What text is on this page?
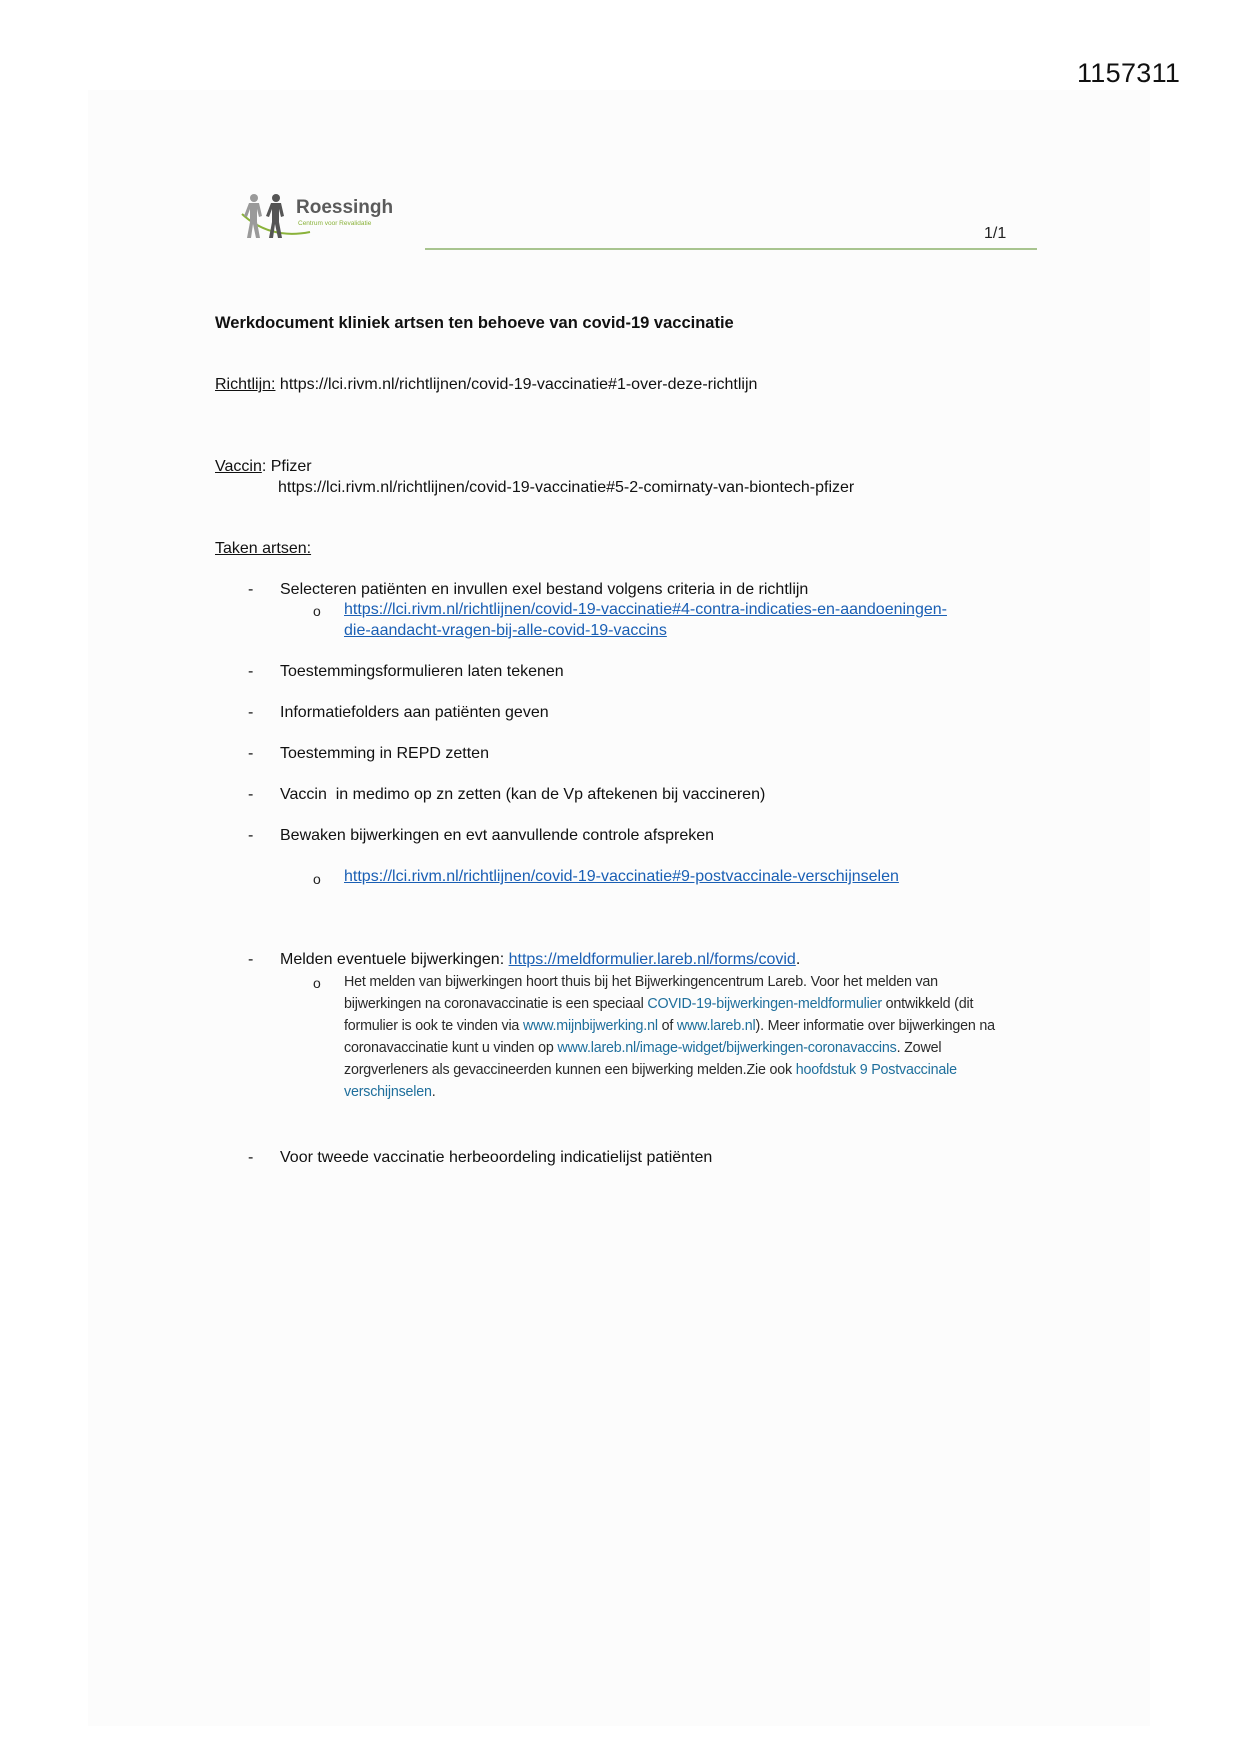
1157311
Roessingh
Centrum voor Revalidatie
1/1
Werkdocument kliniek artsen ten behoeve van covid-19 vaccinatie
Richtlijn: https://lci.rivm.nl/richtlijnen/covid-19-vaccinatie#1-over-deze-richtlijn
Vaccin: Pfizer
https://lci.rivm.nl/richtlijnen/covid-19-vaccinatie#5-2-comirnaty-van-biontech-pfizer
Taken artsen:
- Selecteren patiënten en invullen exel bestand volgens criteria in de richtlijn
o https://lci.rivm.nl/richtlijnen/covid-19-vaccinatie#4-contra-indicaties-en-aandoeningen-
die-aandacht-vragen-bij-alle-covid-19-vaccins
- Toestemmingsformulieren laten tekenen
- Informatiefolders aan patiënten geven
- Toestemming in REPD zetten
- Vaccin  in medimo op zn zetten (kan de Vp aftekenen bij vaccineren)
- Bewaken bijwerkingen en evt aanvullende controle afspreken
o https://lci.rivm.nl/richtlijnen/covid-19-vaccinatie#9-postvaccinale-verschijnselen
- Melden eventuele bijwerkingen: https://meldformulier.lareb.nl/forms/covid.
o Het melden van bijwerkingen hoort thuis bij het Bijwerkingencentrum Lareb. Voor het melden van bijwerkingen na coronavaccinatie is een speciaal COVID-19-bijwerkingen-meldformulier ontwikkeld (dit formulier is ook te vinden via www.mijnbijwerking.nl of www.lareb.nl). Meer informatie over bijwerkingen na coronavaccinatie kunt u vinden op www.lareb.nl/image-widget/bijwerkingen-coronavaccins. Zowel zorgverleners als gevaccineerden kunnen een bijwerking melden.Zie ook hoofdstuk 9 Postvaccinale verschijnselen.
- Voor tweede vaccinatie herbeoordeling indicatielijst patiënten
